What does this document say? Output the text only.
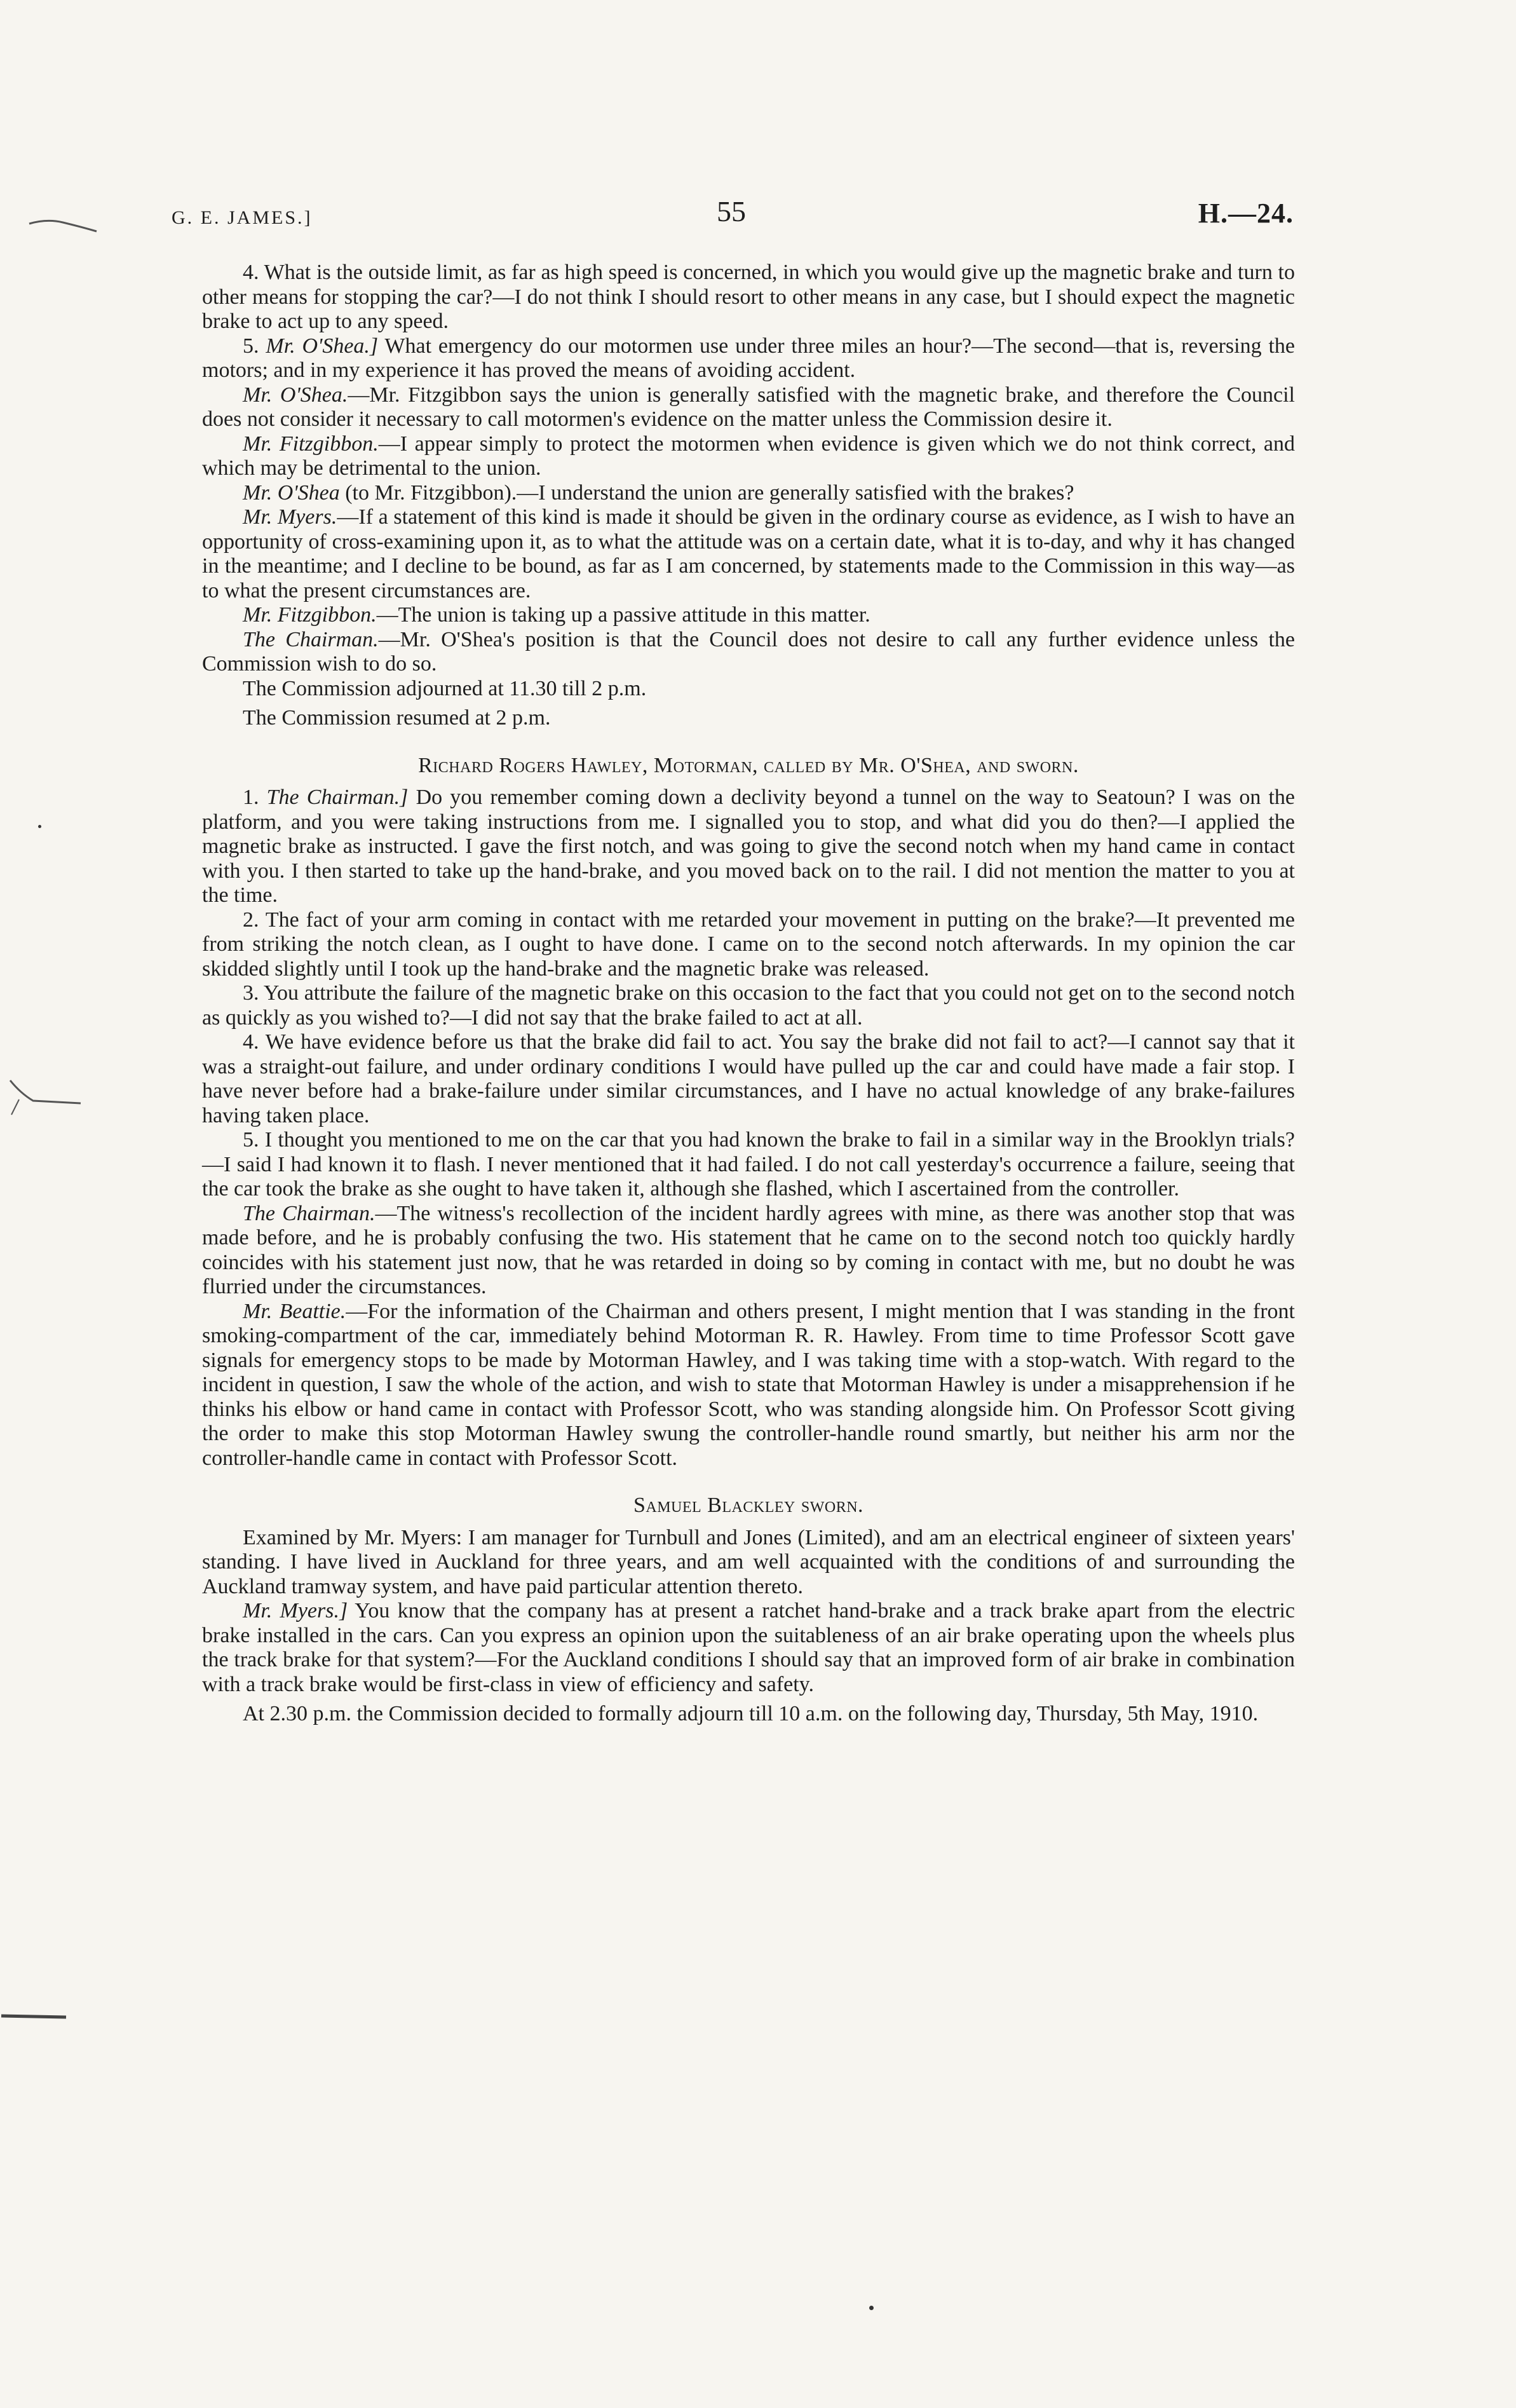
G. E. JAMES.]	55	H.—24.

4. What is the outside limit, as far as high speed is concerned, in which you would give up the magnetic brake and turn to other means for stopping the car?—I do not think I should resort to other means in any case, but I should expect the magnetic brake to act up to any speed.

5. Mr. O'Shea.] What emergency do our motormen use under three miles an hour?—The second—that is, reversing the motors; and in my experience it has proved the means of avoiding accident.

Mr. O'Shea.—Mr. Fitzgibbon says the union is generally satisfied with the magnetic brake, and therefore the Council does not consider it necessary to call motormen's evidence on the matter unless the Commission desire it.

Mr. Fitzgibbon.—I appear simply to protect the motormen when evidence is given which we do not think correct, and which may be detrimental to the union.

Mr. O'Shea (to Mr. Fitzgibbon).—I understand the union are generally satisfied with the brakes?

Mr. Myers.—If a statement of this kind is made it should be given in the ordinary course as evidence, as I wish to have an opportunity of cross-examining upon it, as to what the attitude was on a certain date, what it is to-day, and why it has changed in the meantime; and I decline to be bound, as far as I am concerned, by statements made to the Commission in this way—as to what the present circumstances are.

Mr. Fitzgibbon.—The union is taking up a passive attitude in this matter.

The Chairman.—Mr. O'Shea's position is that the Council does not desire to call any further evidence unless the Commission wish to do so.

The Commission adjourned at 11.30 till 2 p.m.

The Commission resumed at 2 p.m.

Richard Rogers Hawley, Motorman, called by Mr. O'Shea, and sworn.

1. The Chairman.] Do you remember coming down a declivity beyond a tunnel on the way to Seatoun? I was on the platform, and you were taking instructions from me. I signalled you to stop, and what did you do then?—I applied the magnetic brake as instructed. I gave the first notch, and was going to give the second notch when my hand came in contact with you. I then started to take up the hand-brake, and you moved back on to the rail. I did not mention the matter to you at the time.

2. The fact of your arm coming in contact with me retarded your movement in putting on the brake?—It prevented me from striking the notch clean, as I ought to have done. I came on to the second notch afterwards. In my opinion the car skidded slightly until I took up the hand-brake and the magnetic brake was released.

3. You attribute the failure of the magnetic brake on this occasion to the fact that you could not get on to the second notch as quickly as you wished to?—I did not say that the brake failed to act at all.

4. We have evidence before us that the brake did fail to act. You say the brake did not fail to act?—I cannot say that it was a straight-out failure, and under ordinary conditions I would have pulled up the car and could have made a fair stop. I have never before had a brake-failure under similar circumstances, and I have no actual knowledge of any brake-failures having taken place.

5. I thought you mentioned to me on the car that you had known the brake to fail in a similar way in the Brooklyn trials?—I said I had known it to flash. I never mentioned that it had failed. I do not call yesterday's occurrence a failure, seeing that the car took the brake as she ought to have taken it, although she flashed, which I ascertained from the controller.

The Chairman.—The witness's recollection of the incident hardly agrees with mine, as there was another stop that was made before, and he is probably confusing the two. His statement that he came on to the second notch too quickly hardly coincides with his statement just now, that he was retarded in doing so by coming in contact with me, but no doubt he was flurried under the circumstances.

Mr. Beattie.—For the information of the Chairman and others present, I might mention that I was standing in the front smoking-compartment of the car, immediately behind Motorman R. R. Hawley. From time to time Professor Scott gave signals for emergency stops to be made by Motorman Hawley, and I was taking time with a stop-watch. With regard to the incident in question, I saw the whole of the action, and wish to state that Motorman Hawley is under a misapprehension if he thinks his elbow or hand came in contact with Professor Scott, who was standing alongside him. On Professor Scott giving the order to make this stop Motorman Hawley swung the controller-handle round smartly, but neither his arm nor the controller-handle came in contact with Professor Scott.

Samuel Blackley sworn.

Examined by Mr. Myers: I am manager for Turnbull and Jones (Limited), and am an electrical engineer of sixteen years' standing. I have lived in Auckland for three years, and am well acquainted with the conditions of and surrounding the Auckland tramway system, and have paid particular attention thereto.

Mr. Myers.] You know that the company has at present a ratchet hand-brake and a track brake apart from the electric brake installed in the cars. Can you express an opinion upon the suitableness of an air brake operating upon the wheels plus the track brake for that system?—For the Auckland conditions I should say that an improved form of air brake in combination with a track brake would be first-class in view of efficiency and safety.

At 2.30 p.m. the Commission decided to formally adjourn till 10 a.m. on the following day, Thursday, 5th May, 1910.
